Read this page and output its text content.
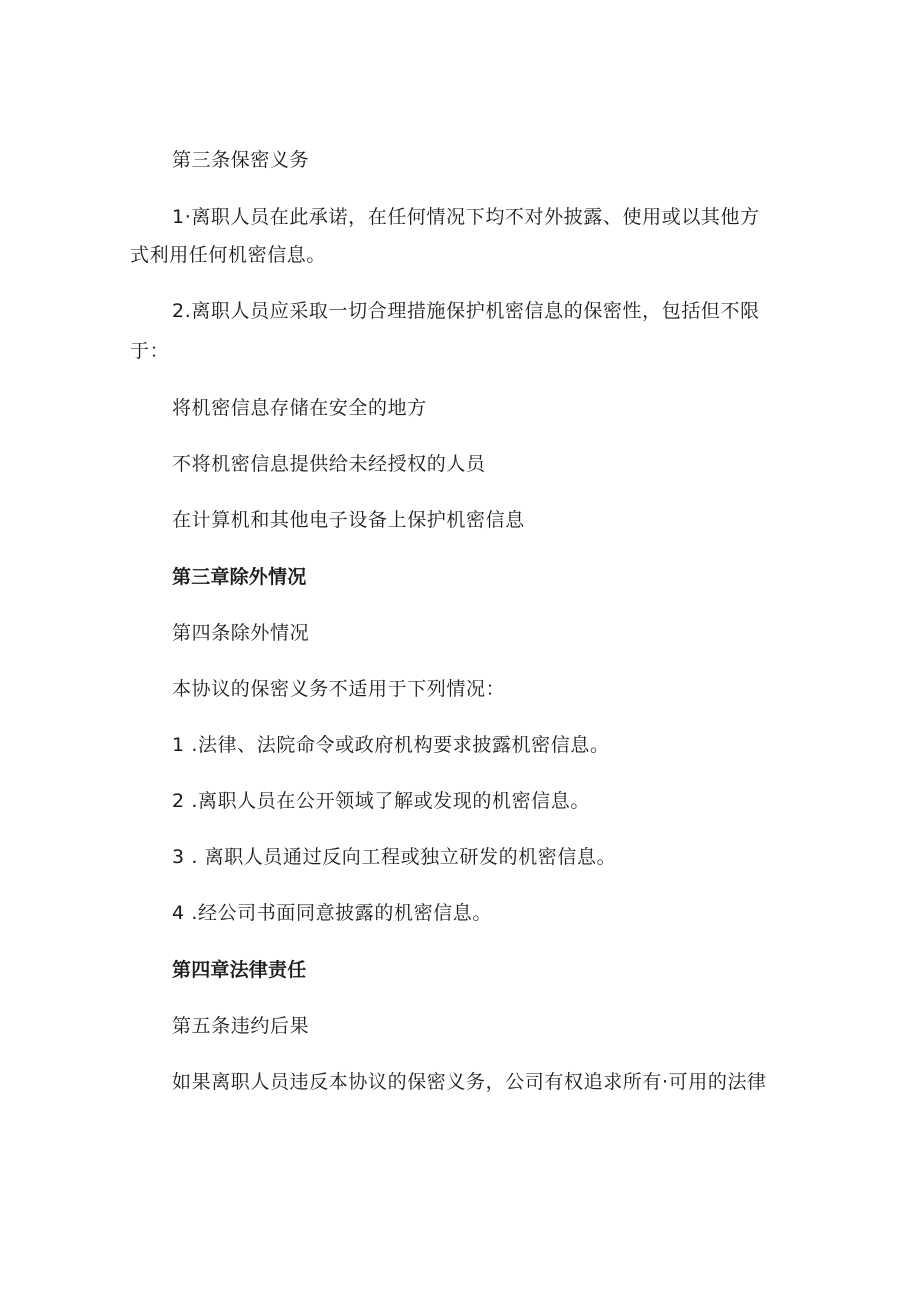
第三条保密义务

1·离职人员在此承诺，在任何情况下均不对外披露、使用或以其他方

式利用任何机密信息。

2.离职人员应采取一切合理措施保护机密信息的保密性，包括但不限

于：

将机密信息存储在安全的地方

不将机密信息提供给未经授权的人员

在计算机和其他电子设备上保护机密信息

第三章除外情况

第四条除外情况

本协议的保密义务不适用于下列情况：

1 .法律、法院命令或政府机构要求披露机密信息。

2 .离职人员在公开领域了解或发现的机密信息。

3 . 离职人员通过反向工程或独立研发的机密信息。

4 .经公司书面同意披露的机密信息。

第四章法律责任

第五条违约后果

如果离职人员违反本协议的保密义务，公司有权追求所有·可用的法律
